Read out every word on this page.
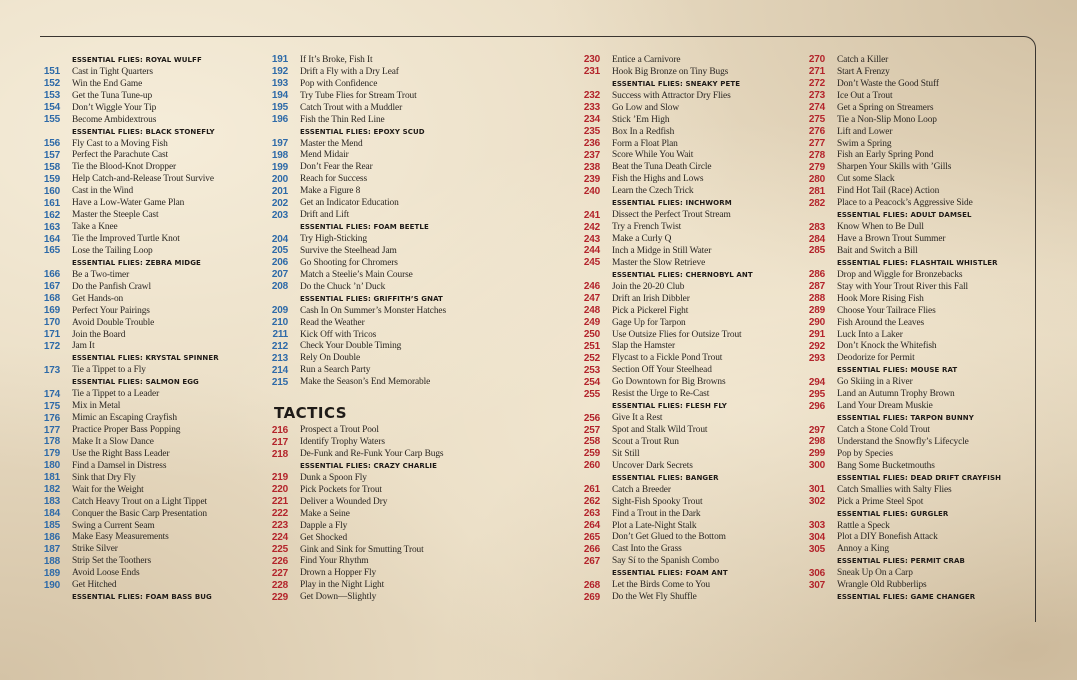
ESSENTIAL FLIES: ROYAL WULFF
151	Cast in Tight Quarters
152	Win the End Game
153	Get the Tuna Tune-up
154	Don’t Wiggle Your Tip
155	Become Ambidextrous
ESSENTIAL FLIES: BLACK STONEFLY
156	Fly Cast to a Moving Fish
157	Perfect the Parachute Cast
158	Tie the Blood-Knot Dropper
159	Help Catch-and-Release Trout Survive
160	Cast in the Wind
161	Have a Low-Water Game Plan
162	Master the Steeple Cast
163	Take a Knee
164	Tie the Improved Turtle Knot
165	Lose the Tailing Loop
ESSENTIAL FLIES: ZEBRA MIDGE
166	Be a Two-timer
167	Do the Panfish Crawl
168	Get Hands-on
169	Perfect Your Pairings
170	Avoid Double Trouble
171	Join the Board
172	Jam It
ESSENTIAL FLIES: KRYSTAL SPINNER
173	Tie a Tippet to a Fly
ESSENTIAL FLIES: SALMON EGG
174	Tie a Tippet to a Leader
175	Mix in Metal
176	Mimic an Escaping Crayfish
177	Practice Proper Bass Popping
178	Make It a Slow Dance
179	Use the Right Bass Leader
180	Find a Damsel in Distress
181	Sink that Dry Fly
182	Wait for the Weight
183	Catch Heavy Trout on a Light Tippet
184	Conquer the Basic Carp Presentation
185	Swing a Current Seam
186	Make Easy Measurements
187	Strike Silver
188	Strip Set the Toothers
189	Avoid Loose Ends
190	Get Hitched
ESSENTIAL FLIES: FOAM BASS BUG
191	If It’s Broke, Fish It
192	Drift a Fly with a Dry Leaf
193	Pop with Confidence
194	Try Tube Flies for Stream Trout
195	Catch Trout with a Muddler
196	Fish the Thin Red Line
ESSENTIAL FLIES: EPOXY SCUD
197	Master the Mend
198	Mend Midair
199	Don’t Fear the Rear
200	Reach for Success
201	Make a Figure 8
202	Get an Indicator Education
203	Drift and Lift
ESSENTIAL FLIES: FOAM BEETLE
204	Try High-Sticking
205	Survive the Steelhead Jam
206	Go Shooting for Chromers
207	Match a Steelie’s Main Course
208	Do the Chuck ’n’ Duck
ESSENTIAL FLIES: GRIFFITH’S GNAT
209	Cash In On Summer’s Monster Hatches
210	Read the Weather
211	Kick Off with Tricos
212	Check Your Double Timing
213	Rely On Double
214	Run a Search Party
215	Make the Season’s End Memorable
TACTICS
216	Prospect a Trout Pool
217	Identify Trophy Waters
218	De-Funk and Re-Funk Your Carp Bugs
ESSENTIAL FLIES: CRAZY CHARLIE
219	Dunk a Spoon Fly
220	Pick Pockets for Trout
221	Deliver a Wounded Dry
222	Make a Seine
223	Dapple a Fly
224	Get Shocked
225	Gink and Sink for Smutting Trout
226	Find Your Rhythm
227	Drown a Hopper Fly
228	Play in the Night Light
229	Get Down—Slightly
230	Entice a Carnivore
231	Hook Big Bronze on Tiny Bugs
ESSENTIAL FLIES: SNEAKY PETE
232	Success with Attractor Dry Flies
233	Go Low and Slow
234	Stick ’Em High
235	Box In a Redfish
236	Form a Float Plan
237	Score While You Wait
238	Beat the Tuna Death Circle
239	Fish the Highs and Lows
240	Learn the Czech Trick
ESSENTIAL FLIES: INCHWORM
241	Dissect the Perfect Trout Stream
242	Try a French Twist
243	Make a Curly Q
244	Inch a Midge in Still Water
245	Master the Slow Retrieve
ESSENTIAL FLIES: CHERNOBYL ANT
246	Join the 20-20 Club
247	Drift an Irish Dibbler
248	Pick a Pickerel Fight
249	Gage Up for Tarpon
250	Use Outsize Flies for Outsize Trout
251	Slap the Hamster
252	Flycast to a Fickle Pond Trout
253	Section Off Your Steelhead
254	Go Downtown for Big Browns
255	Resist the Urge to Re-Cast
ESSENTIAL FLIES: FLESH FLY
256	Give It a Rest
257	Spot and Stalk Wild Trout
258	Scout a Trout Run
259	Sit Still
260	Uncover Dark Secrets
ESSENTIAL FLIES: BANGER
261	Catch a Breeder
262	Sight-Fish Spooky Trout
263	Find a Trout in the Dark
264	Plot a Late-Night Stalk
265	Don’t Get Glued to the Bottom
266	Cast Into the Grass
267	Say Sí to the Spanish Combo
ESSENTIAL FLIES: FOAM ANT
268	Let the Birds Come to You
269	Do the Wet Fly Shuffle
270	Catch a Killer
271	Start A Frenzy
272	Don’t Waste the Good Stuff
273	Ice Out a Trout
274	Get a Spring on Streamers
275	Tie a Non-Slip Mono Loop
276	Lift and Lower
277	Swim a Spring
278	Fish an Early Spring Pond
279	Sharpen Your Skills with ’Gills
280	Cut some Slack
281	Find Hot Tail (Race) Action
282	Place to a Peacock’s Aggressive Side
ESSENTIAL FLIES: ADULT DAMSEL
283	Know When to Be Dull
284	Have a Brown Trout Summer
285	Bait and Switch a Bill
ESSENTIAL FLIES: FLASHTAIL WHISTLER
286	Drop and Wiggle for Bronzebacks
287	Stay with Your Trout River this Fall
288	Hook More Rising Fish
289	Choose Your Tailrace Flies
290	Fish Around the Leaves
291	Luck Into a Laker
292	Don’t Knock the Whitefish
293	Deodorize for Permit
ESSENTIAL FLIES: MOUSE RAT
294	Go Skiing in a River
295	Land an Autumn Trophy Brown
296	Land Your Dream Muskie
ESSENTIAL FLIES: TARPON BUNNY
297	Catch a Stone Cold Trout
298	Understand the Snowfly’s Lifecycle
299	Pop by Species
300	Bang Some Bucketmouths
ESSENTIAL FLIES: DEAD DRIFT CRAYFISH
301	Catch Smallies with Salty Flies
302	Pick a Prime Steel Spot
ESSENTIAL FLIES: GURGLER
303	Rattle a Speck
304	Plot a DIY Bonefish Attack
305	Annoy a King
ESSENTIAL FLIES: PERMIT CRAB
306	Sneak Up On a Carp
307	Wrangle Old Rubberlips
ESSENTIAL FLIES: GAME CHANGER
